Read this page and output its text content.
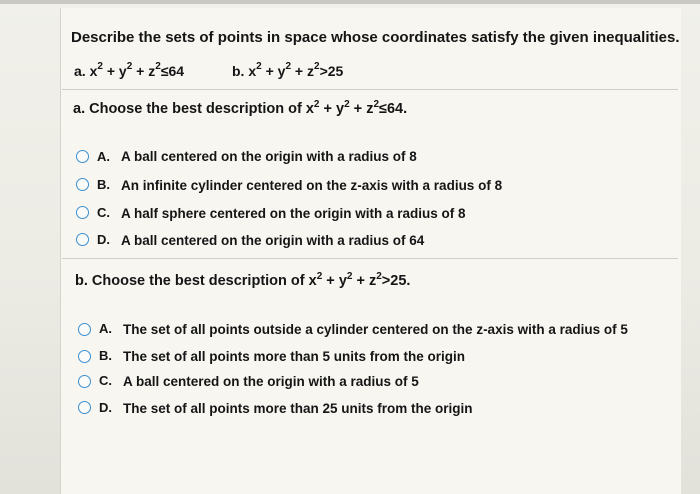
Describe the sets of points in space whose coordinates satisfy the given inequalities.
a. $x^2 + y^2 + z^2\le 64$	b. $x^2 + y^2 + z^2>25$
a. Choose the best description of $x^2 + y^2 + z^2\le 64$.
A. A ball centered on the origin with a radius of 8
B. An infinite cylinder centered on the z-axis with a radius of 8
C. A half sphere centered on the origin with a radius of 8
D. A ball centered on the origin with a radius of 64
b. Choose the best description of $x^2 + y^2 + z^2>25$.
A. The set of all points outside a cylinder centered on the z-axis with a radius of 5
B. The set of all points more than 5 units from the origin
C. A ball centered on the origin with a radius of 5
D. The set of all points more than 25 units from the origin
